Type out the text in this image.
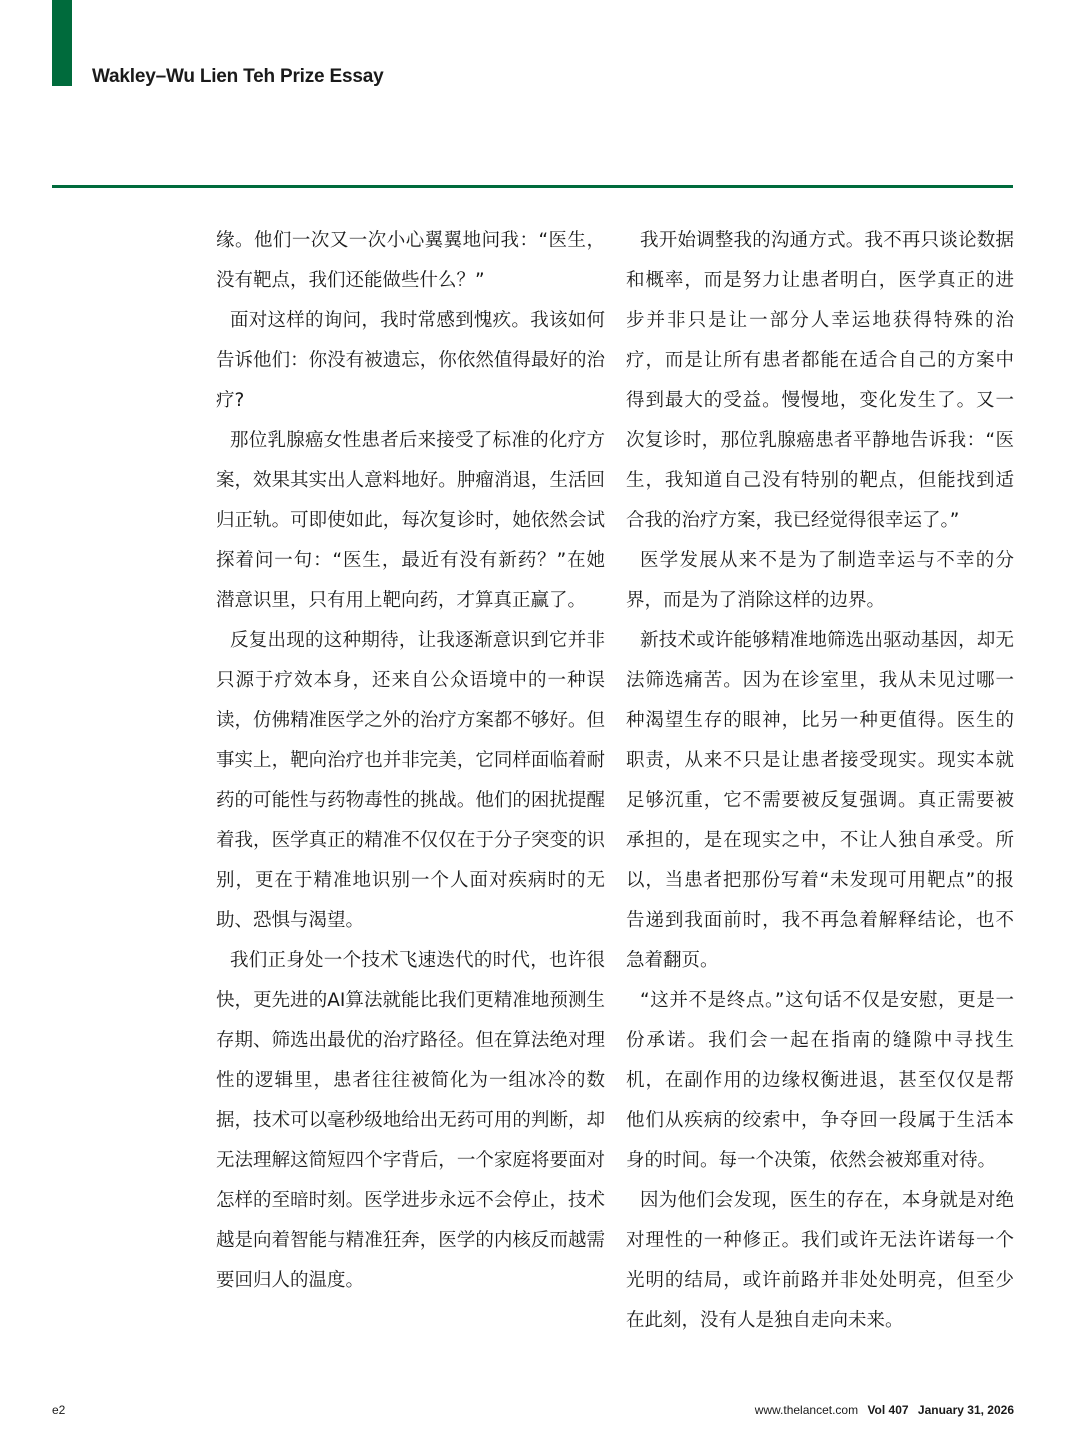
Wakley–Wu Lien Teh Prize Essay

缘。他们一次又一次小心翼翼地问我：“医生，没有靶点，我们还能做些什么？”

面对这样的询问，我时常感到愧疚。我该如何告诉他们：你没有被遗忘，你依然值得最好的治疗?

那位乳腺癌女性患者后来接受了标准的化疗方案，效果其实出人意料地好。肿瘤消退，生活回归正轨。可即使如此，每次复诊时，她依然会试探着问一句：“医生，最近有没有新药？”在她潜意识里，只有用上靶向药，才算真正赢了。

反复出现的这种期待，让我逐渐意识到它并非只源于疗效本身，还来自公众语境中的一种误读，仿佛精准医学之外的治疗方案都不够好。但事实上，靶向治疗也并非完美，它同样面临着耐药的可能性与药物毒性的挑战。他们的困扰提醒着我，医学真正的精准不仅仅在于分子突变的识别，更在于精准地识别一个人面对疾病时的无助、恐惧与渴望。

我们正身处一个技术飞速迭代的时代，也许很快，更先进的AI算法就能比我们更精准地预测生存期、筛选出最优的治疗路径。但在算法绝对理性的逻辑里，患者往往被简化为一组冰冷的数据，技术可以毫秒级地给出无药可用的判断，却无法理解这简短四个字背后，一个家庭将要面对怎样的至暗时刻。医学进步永远不会停止，技术越是向着智能与精准狂奔，医学的内核反而越需要回归人的温度。

我开始调整我的沟通方式。我不再只谈论数据和概率，而是努力让患者明白，医学真正的进步并非只是让一部分人幸运地获得特殊的治疗，而是让所有患者都能在适合自己的方案中得到最大的受益。慢慢地，变化发生了。又一次复诊时，那位乳腺癌患者平静地告诉我：“医生，我知道自己没有特别的靶点，但能找到适合我的治疗方案，我已经觉得很幸运了。”

医学发展从来不是为了制造幸运与不幸的分界，而是为了消除这样的边界。

新技术或许能够精准地筛选出驱动基因，却无法筛选痛苦。因为在诊室里，我从未见过哪一种渴望生存的眼神，比另一种更值得。医生的职责，从来不只是让患者接受现实。现实本就足够沉重，它不需要被反复强调。真正需要被承担的，是在现实之中，不让人独自承受。所以，当患者把那份写着“未发现可用靶点”的报告递到我面前时，我不再急着解释结论，也不急着翻页。

“这并不是终点。”这句话不仅是安慰，更是一份承诺。我们会一起在指南的缝隙中寻找生机，在副作用的边缘权衡进退，甚至仅仅是帮他们从疾病的绞索中，争夺回一段属于生活本身的时间。每一个决策，依然会被郑重对待。

因为他们会发现，医生的存在，本身就是对绝对理性的一种修正。我们或许无法许诺每一个光明的结局，或许前路并非处处明亮，但至少在此刻，没有人是独自走向未来。

e2	www.thelancet.com Vol 407 January 31, 2026
